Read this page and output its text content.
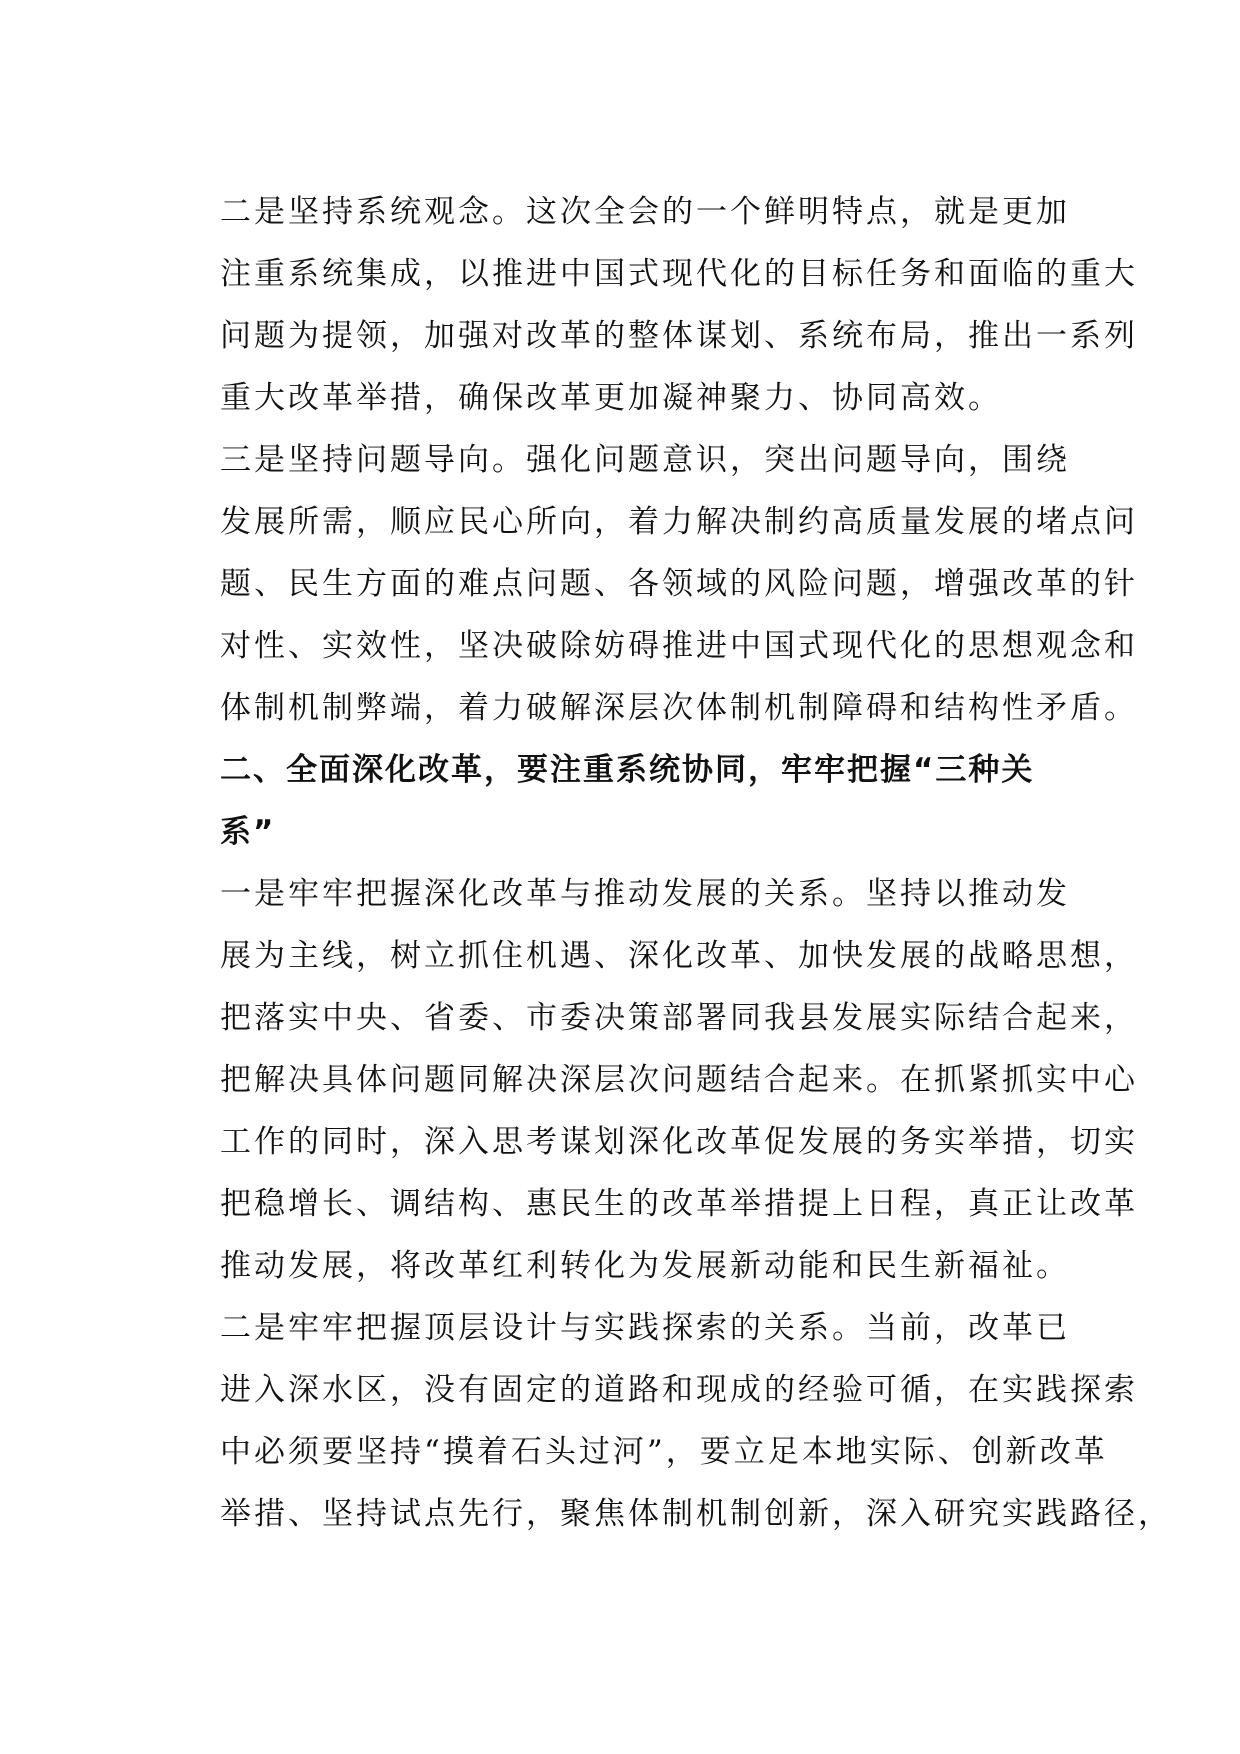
二是坚持系统观念。这次全会的一个鲜明特点，就是更加
注重系统集成，以推进中国式现代化的目标任务和面临的重大
问题为提领，加强对改革的整体谋划、系统布局，推出一系列
重大改革举措，确保改革更加凝神聚力、协同高效。

三是坚持问题导向。强化问题意识，突出问题导向，围绕
发展所需，顺应民心所向，着力解决制约高质量发展的堵点问
题、民生方面的难点问题、各领域的风险问题，增强改革的针
对性、实效性，坚决破除妨碍推进中国式现代化的思想观念和
体制机制弊端，着力破解深层次体制机制障碍和结构性矛盾。

二、全面深化改革，要注重系统协同，牢牢把握“三种关
系”

一是牢牢把握深化改革与推动发展的关系。坚持以推动发
展为主线，树立抓住机遇、深化改革、加快发展的战略思想，
把落实中央、省委、市委决策部署同我县发展实际结合起来，
把解决具体问题同解决深层次问题结合起来。在抓紧抓实中心
工作的同时，深入思考谋划深化改革促发展的务实举措，切实
把稳增长、调结构、惠民生的改革举措提上日程，真正让改革
推动发展，将改革红利转化为发展新动能和民生新福祉。

二是牢牢把握顶层设计与实践探索的关系。当前，改革已
进入深水区，没有固定的道路和现成的经验可循，在实践探索
中必须要坚持“摸着石头过河”，要立足本地实际、创新改革
举措、坚持试点先行，聚焦体制机制创新，深入研究实践路径，
